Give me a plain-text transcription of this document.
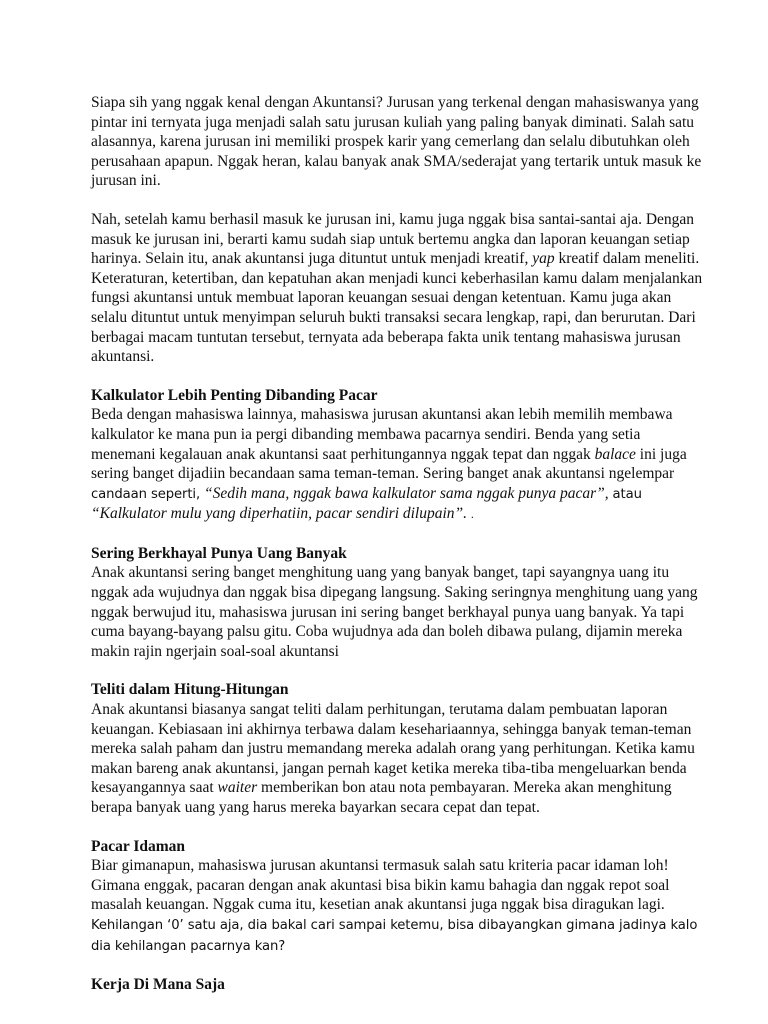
Siapa sih yang nggak kenal dengan Akuntansi? Jurusan yang terkenal dengan mahasiswanya yang pintar ini ternyata juga menjadi salah satu jurusan kuliah yang paling banyak diminati. Salah satu alasannya, karena jurusan ini memiliki prospek karir yang cemerlang dan selalu dibutuhkan oleh perusahaan apapun. Nggak heran, kalau banyak anak SMA/sederajat yang tertarik untuk masuk ke jurusan ini.

Nah, setelah kamu berhasil masuk ke jurusan ini, kamu juga nggak bisa santai-santai aja. Dengan masuk ke jurusan ini, berarti kamu sudah siap untuk bertemu angka dan laporan keuangan setiap harinya. Selain itu, anak akuntansi juga dituntut untuk menjadi kreatif, yap kreatif dalam meneliti. Keteraturan, ketertiban, dan kepatuhan akan menjadi kunci keberhasilan kamu dalam menjalankan fungsi akuntansi untuk membuat laporan keuangan sesuai dengan ketentuan. Kamu juga akan selalu dituntut untuk menyimpan seluruh bukti transaksi secara lengkap, rapi, dan berurutan. Dari berbagai macam tuntutan tersebut, ternyata ada beberapa fakta unik tentang mahasiswa jurusan akuntansi.

Kalkulator Lebih Penting Dibanding Pacar

Beda dengan mahasiswa lainnya, mahasiswa jurusan akuntansi akan lebih memilih membawa kalkulator ke mana pun ia pergi dibanding membawa pacarnya sendiri. Benda yang setia menemani kegalauan anak akuntansi saat perhitungannya nggak tepat dan nggak balace ini juga sering banget dijadiin becandaan sama teman-teman. Sering banget anak akuntansi ngelempar candaan seperti, “Sedih mana, nggak bawa kalkulator sama nggak punya pacar”, atau “Kalkulator mulu yang diperhatiin, pacar sendiri dilupain”. .

Sering Berkhayal Punya Uang Banyak

Anak akuntansi sering banget menghitung uang yang banyak banget, tapi sayangnya uang itu nggak ada wujudnya dan nggak bisa dipegang langsung. Saking seringnya menghitung uang yang nggak berwujud itu, mahasiswa jurusan ini sering banget berkhayal punya uang banyak. Ya tapi cuma bayang-bayang palsu gitu. Coba wujudnya ada dan boleh dibawa pulang, dijamin mereka makin rajin ngerjain soal-soal akuntansi

Teliti dalam Hitung-Hitungan

Anak akuntansi biasanya sangat teliti dalam perhitungan, terutama dalam pembuatan laporan keuangan. Kebiasaan ini akhirnya terbawa dalam kesehariaannya, sehingga banyak teman-teman mereka salah paham dan justru memandang mereka adalah orang yang perhitungan. Ketika kamu makan bareng anak akuntansi, jangan pernah kaget ketika mereka tiba-tiba mengeluarkan benda kesayangannya saat waiter memberikan bon atau nota pembayaran. Mereka akan menghitung berapa banyak uang yang harus mereka bayarkan secara cepat dan tepat.

Pacar Idaman

Biar gimanapun, mahasiswa jurusan akuntansi termasuk salah satu kriteria pacar idaman loh! Gimana enggak, pacaran dengan anak akuntasi bisa bikin kamu bahagia dan nggak repot soal masalah keuangan. Nggak cuma itu, kesetian anak akuntansi juga nggak bisa diragukan lagi. Kehilangan ‘0’ satu aja, dia bakal cari sampai ketemu, bisa dibayangkan gimana jadinya kalo dia kehilangan pacarnya kan?

Kerja Di Mana Saja
